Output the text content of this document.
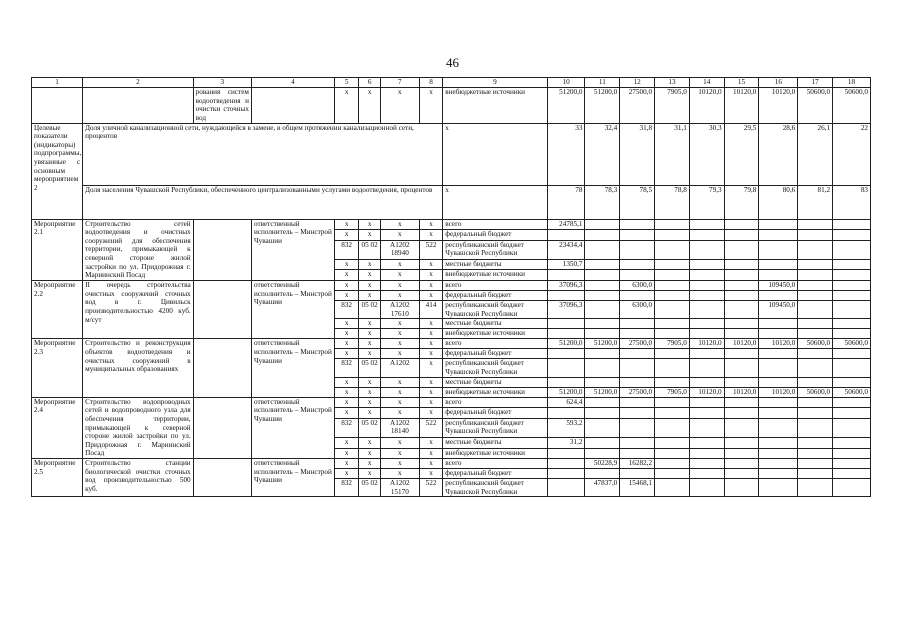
46
1	2	3	4	5	6	7	8	9	10	11	12	13	14	15	16	17	18
		рования систем водоотведения и очистки сточных вод		х	х	х	х	внебюджетные источники	51200,0	51200,0	27500,0	7905,0	10120,0	10120,0	10120,0	50600,0	50600,0
Целевые показатели (индикаторы) подпрограммы, увязанные с основным мероприятием 2	Доля уличной канализационной сети, нуждающейся в замене, в общем протяжении канализационной сети, процентов							х	33	32,4	31,8	31,1	30,3	29,5	28,6	26,1	22
	Доля населения Чувашской Республики, обеспеченного централизованными услугами водоотведения, процентов							х	78	78,3	78,5	78,8	79,3	79,8	80,6	81,2	83
Мероприятие 2.1	Строительство сетей водоотведения и очистных сооружений для обеспечения территории, примыкающей к северной стороне жилой застройки по ул. Придорожная г. Мариинский Посад		ответственный исполнитель – Минстрой Чувашии	х	х	х	х	всего	24785,1								
				х	х	х	х	федеральный бюджет									
				832	05 02	A1202 18940	522	республиканский бюджет Чувашской Республики	23434,4								
				х	х	х	х	местные бюджеты	1350,7								
				х	х	х	х	внебюджетные источники									
Мероприятие 2.2	II очередь строительства очистных сооружений сточных вод в г. Цивильск производительностью 4200 куб. м/сут		ответственный исполнитель – Минстрой Чувашии	х	х	х	х	всего	37096,3		6300,0				109450,0		
				х	х	х	х	федеральный бюджет									
				832	05 02	A1202 17610	414	республиканский бюджет Чувашской Республики	37096,3		6300,0				109450,0		
				х	х	х	х	местные бюджеты									
				х	х	х	х	внебюджетные источники									
Мероприятие 2.3	Строительство и реконструкция объектов водоотведения и очистных сооружений в муниципальных образованиях		ответственный исполнитель – Минстрой Чувашии	х	х	х	х	всего	51200,0	51200,0	27500,0	7905,0	10120,0	10120,0	10120,0	50600,0	50600,0
				х	х	х	х	федеральный бюджет									
				832	05 02	A1202	х	республиканский бюджет Чувашской Республики									
				х	х	х	х	местные бюджеты									
				х	х	х	х	внебюджетные источники	51200,0	51200,0	27500,0	7905,0	10120,0	10120,0	10120,0	50600,0	50600,0
Мероприятие 2.4	Строительство водопроводных сетей и водопроводного узла для обеспечения территории, примыкающей к северной стороне жилой застройки по ул. Придорожная г. Мариинский Посад		ответственный исполнитель – Минстрой Чувашии	х	х	х	х	всего	624,4								
				х	х	х	х	федеральный бюджет									
				832	05 02	A1202 18140	522	республиканский бюджет Чувашской Республики	593,2								
				х	х	х	х	местные бюджеты	31,2								
				х	х	х	х	внебюджетные источники									
Мероприятие 2.5	Строительство станции биологической очистки сточных вод производительностью 500 куб.		ответственный исполнитель – Минстрой Чувашии	х	х	х	х	всего		50228,9	16282,2						
				х	х	х	х	федеральный бюджет									
				832	05 02	A1202 15170	522	республиканский бюджет Чувашской Республики		47837,0	15468,1						
